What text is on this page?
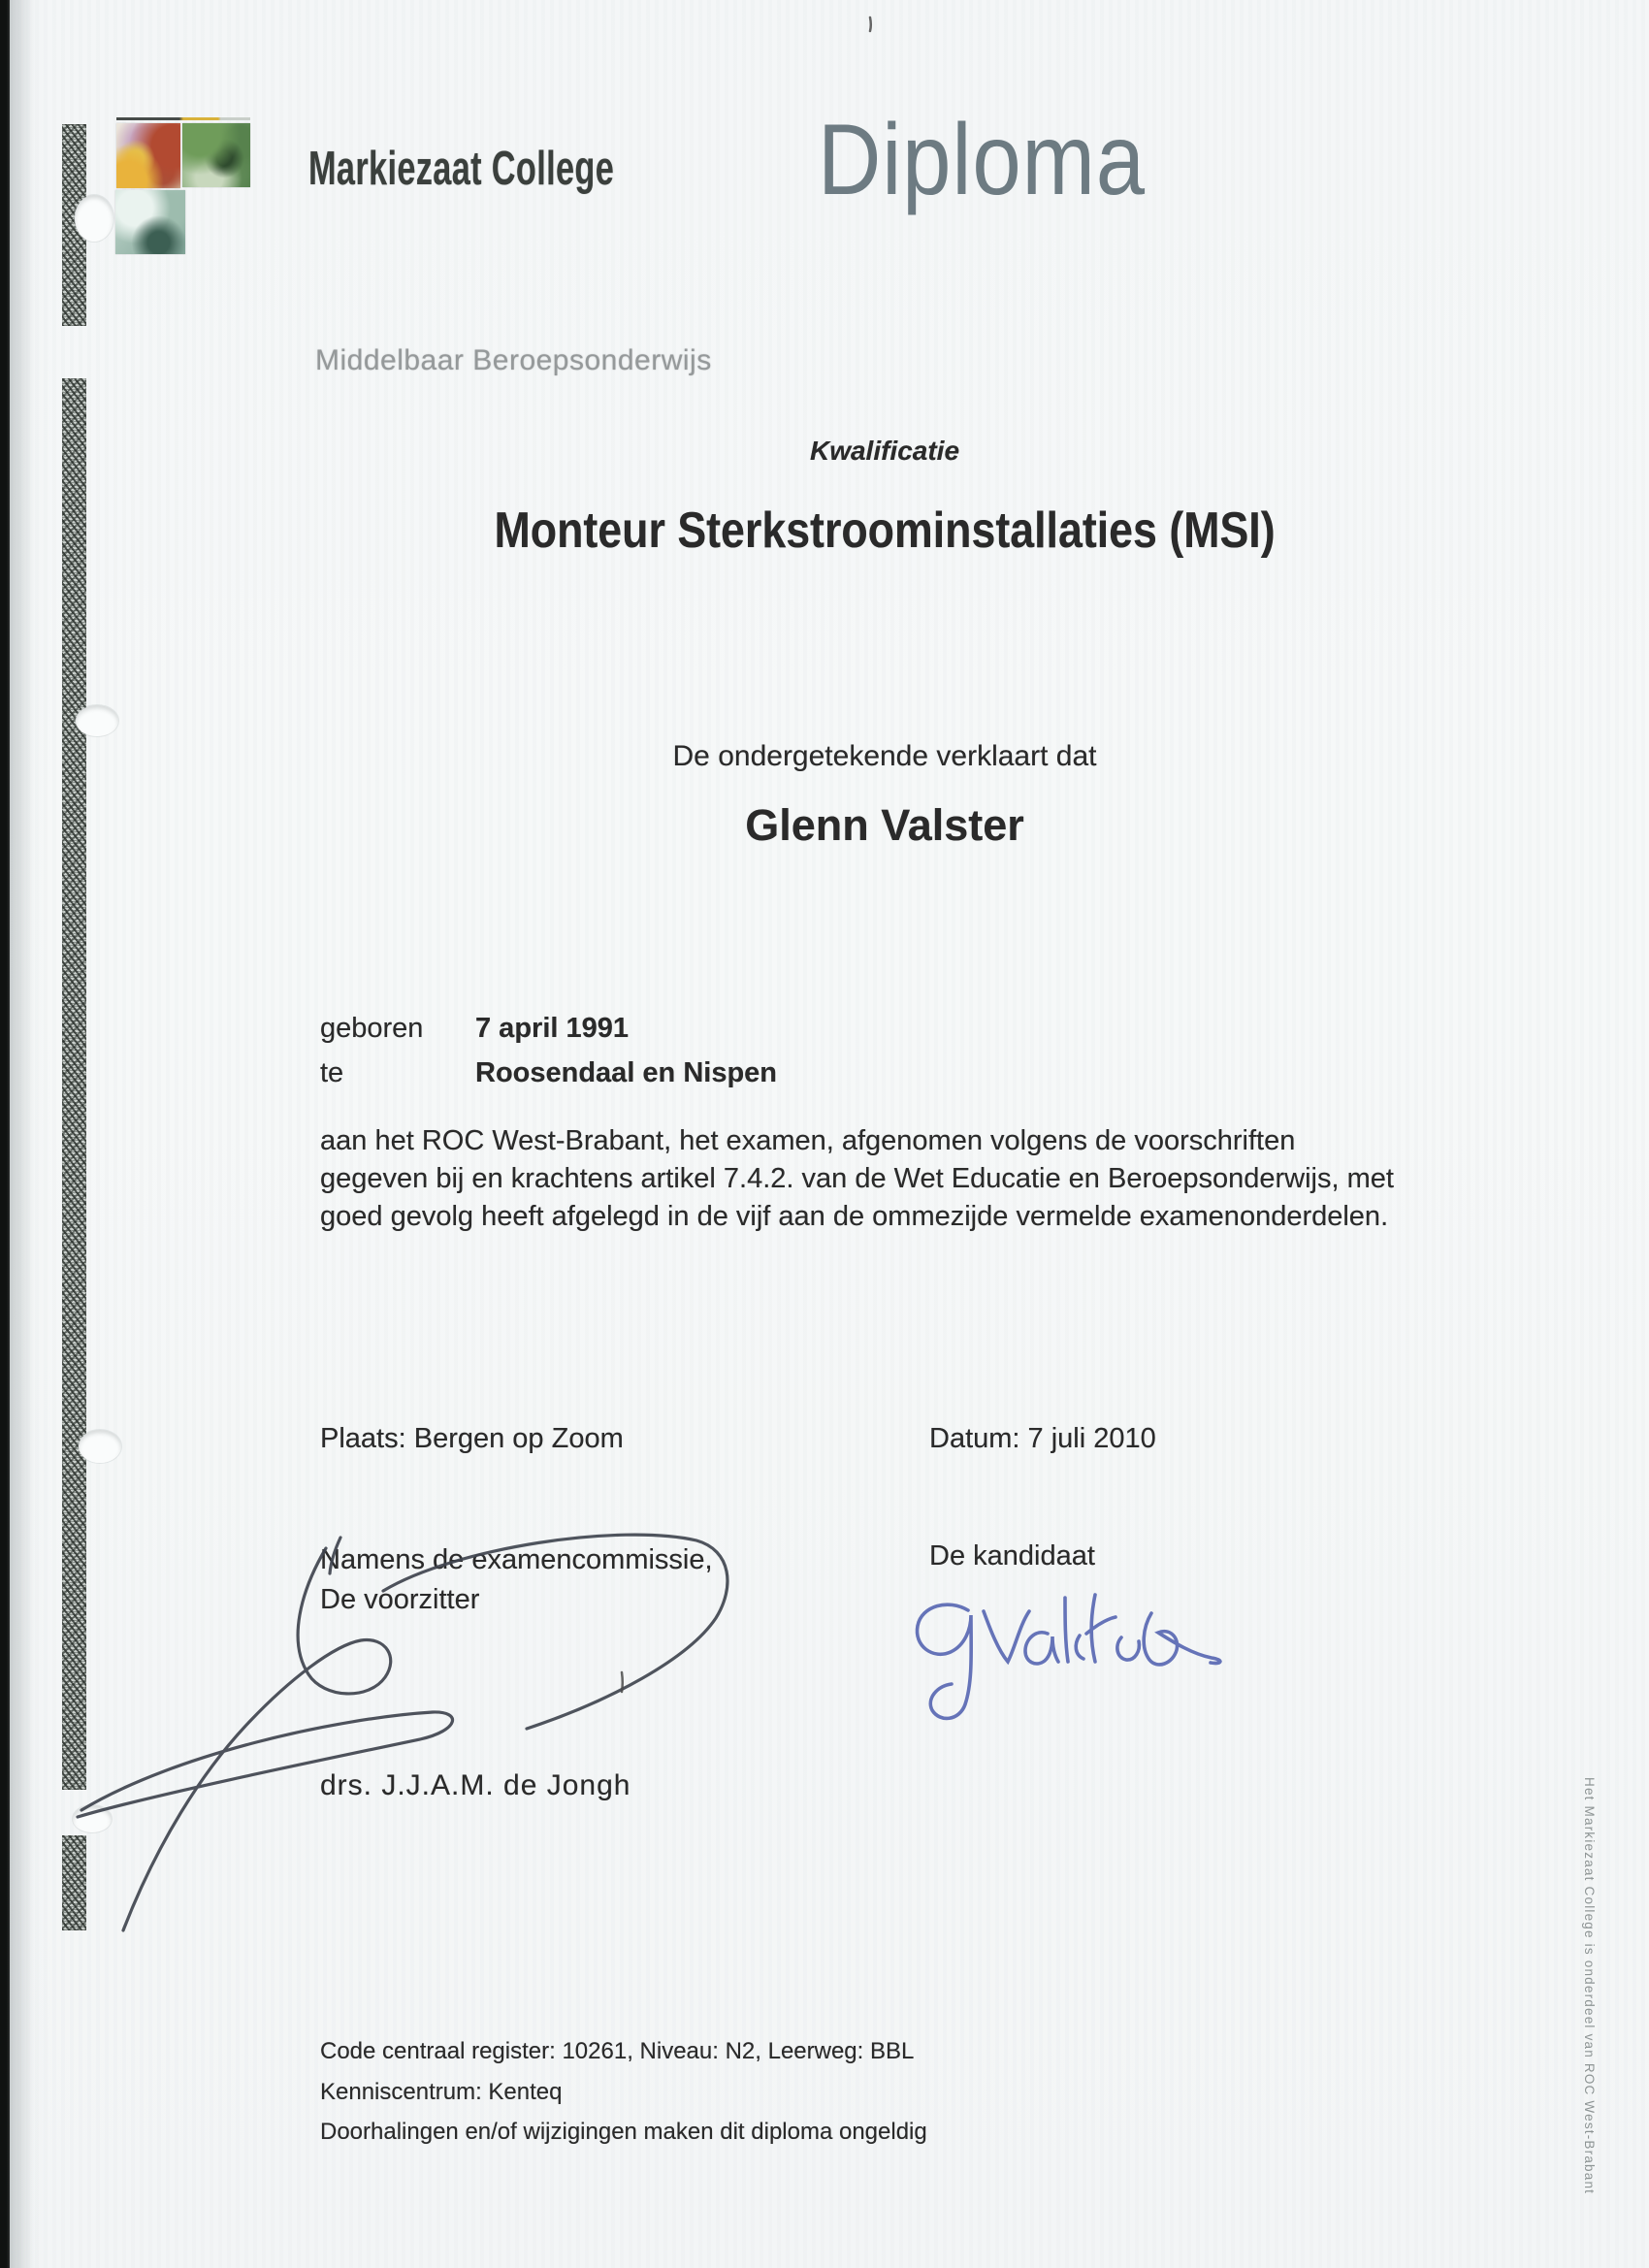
Markiezaat College Diploma
Middelbaar Beroepsonderwijs
Kwalificatie
Monteur Sterkstroominstallaties (MSI)
De ondergetekende verklaart dat
Glenn Valster
geboren 7 april 1991
te	Roosendaal en Nispen
aan het ROC West-Brabant, het examen, afgenomen volgens de voorschriften
gegeven bij en krachtens artikel 7.4.2. van de Wet Educatie en Beroepsonderwijs, met
goed gevolg heeft afgelegd in de vijf aan de ommezijde vermelde examenonderdelen.
Plaats: Bergen op Zoom	Datum: 7 juli 2010
Namens de examencommissie,
De voorzitter
De kandidaat
drs. J.J.A.M. de Jongh
Code centraal register: 10261, Niveau: N2, Leerweg: BBL
Kenniscentrum: Kenteq
Doorhalingen en/of wijzigingen maken dit diploma ongeldig	Het Markiezaat College is onderdeel van ROC West-Brabant
